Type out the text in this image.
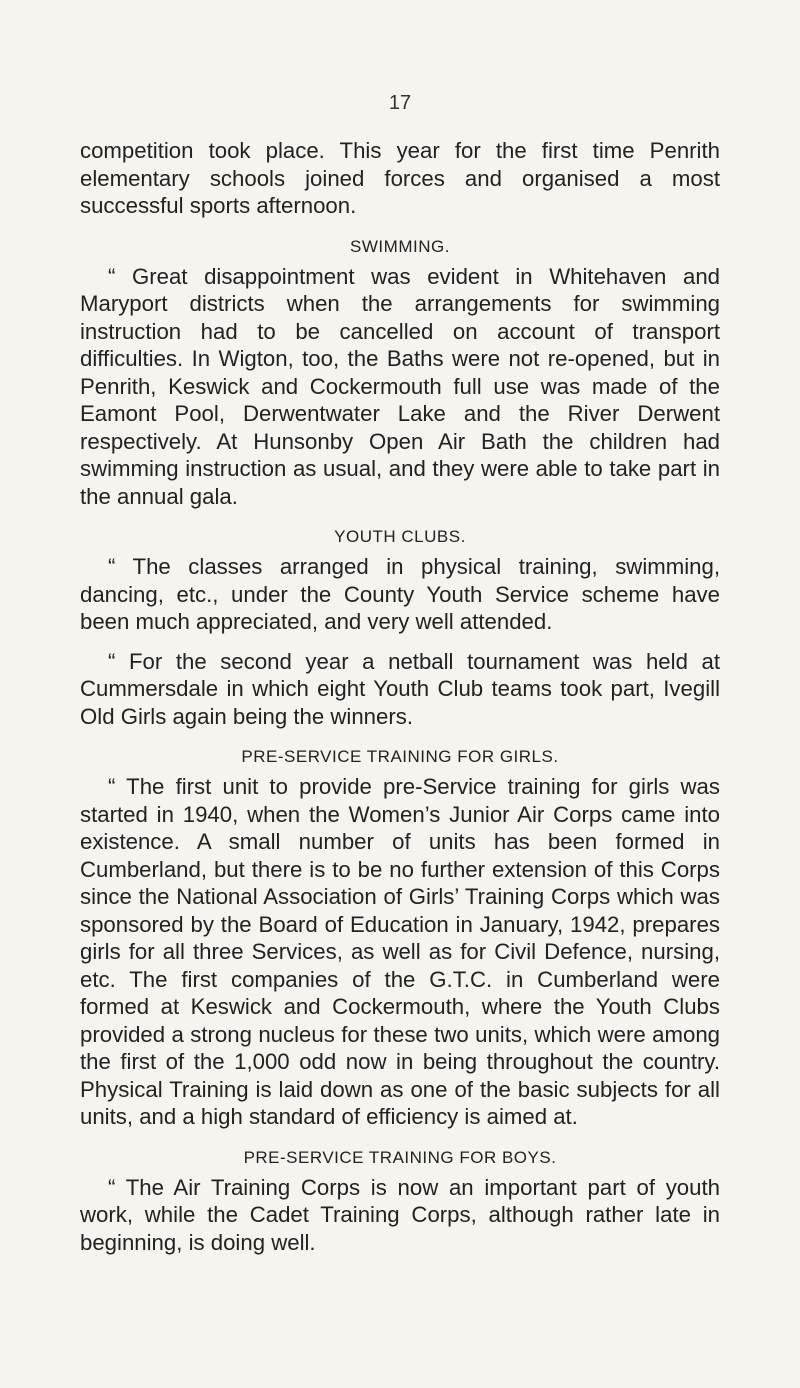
17

competition took place. This year for the first time Penrith elementary schools joined forces and organised a most successful sports afternoon.

SWIMMING.

“ Great disappointment was evident in Whitehaven and Maryport districts when the arrangements for swimming instruction had to be cancelled on account of transport difficulties. In Wigton, too, the Baths were not re-opened, but in Penrith, Keswick and Cockermouth full use was made of the Eamont Pool, Derwentwater Lake and the River Derwent respectively. At Hunsonby Open Air Bath the children had swimming instruction as usual, and they were able to take part in the annual gala.

YOUTH CLUBS.

“ The classes arranged in physical training, swimming, dancing, etc., under the County Youth Service scheme have been much appreciated, and very well attended.

“ For the second year a netball tournament was held at Cummersdale in which eight Youth Club teams took part, Ivegill Old Girls again being the winners.

PRE-SERVICE TRAINING FOR GIRLS.

“ The first unit to provide pre-Service training for girls was started in 1940, when the Women’s Junior Air Corps came into existence. A small number of units has been formed in Cumberland, but there is to be no further extension of this Corps since the National Association of Girls’ Training Corps which was sponsored by the Board of Education in January, 1942, prepares girls for all three Services, as well as for Civil Defence, nursing, etc. The first companies of the G.T.C. in Cumberland were formed at Keswick and Cockermouth, where the Youth Clubs provided a strong nucleus for these two units, which were among the first of the 1,000 odd now in being throughout the country. Physical Training is laid down as one of the basic subjects for all units, and a high standard of efficiency is aimed at.

PRE-SERVICE TRAINING FOR BOYS.

“ The Air Training Corps is now an important part of youth work, while the Cadet Training Corps, although rather late in beginning, is doing well.
